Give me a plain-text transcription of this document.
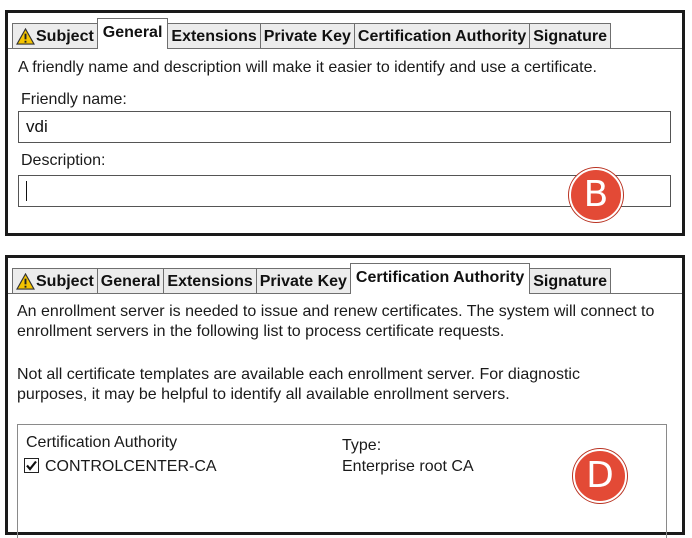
Subject General Extensions Private Key Certification Authority Signature
A friendly name and description will make it easier to identify and use a certificate.
Friendly name:
vdi
Description:
B
Subject General Extensions Private Key Certification Authority Signature
An enrollment server is needed to issue and renew certificates. The system will connect to
enrollment servers in the following list to process certificate requests.
Not all certificate templates are available each enrollment server. For diagnostic
purposes, it may be helpful to identify all available enrollment servers.
Certification Authority	Type:
CONTROLCENTER-CA	Enterprise root CA	D
